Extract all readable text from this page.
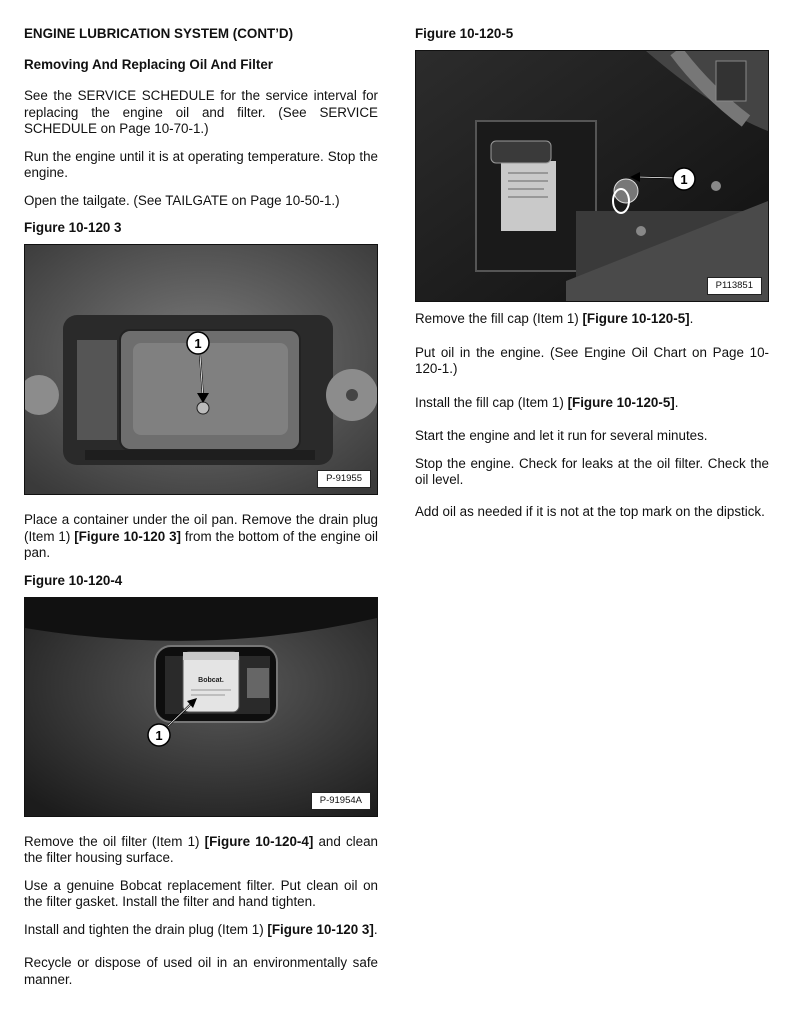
ENGINE LUBRICATION SYSTEM (CONT’D)
Removing And Replacing Oil And Filter

See the SERVICE SCHEDULE for the service interval for replacing the engine oil and filter. (See SERVICE SCHEDULE on Page 10-70-1.)

Run the engine until it is at operating temperature. Stop the engine.

Open the tailgate. (See TAILGATE on Page 10-50-1.)

Figure 10-120 3
1
P-91955

Place a container under the oil pan. Remove the drain plug (Item 1) [Figure 10-120 3] from the bottom of the engine oil pan.

Figure 10-120-4
Bobcat.
1
P-91954A

Remove the oil filter (Item 1) [Figure 10-120-4] and clean the filter housing surface.

Use a genuine Bobcat replacement filter. Put clean oil on the filter gasket. Install the filter and hand tighten.

Install and tighten the drain plug (Item 1) [Figure 10-120 3].

Recycle or dispose of used oil in an environmentally safe manner.

Figure 10-120-5
1
P113851

Remove the fill cap (Item 1) [Figure 10-120-5].

Put oil in the engine. (See Engine Oil Chart on Page 10-120-1.)

Install the fill cap (Item 1) [Figure 10-120-5].

Start the engine and let it run for several minutes.

Stop the engine. Check for leaks at the oil filter. Check the oil level.

Add oil as needed if it is not at the top mark on the dipstick.
